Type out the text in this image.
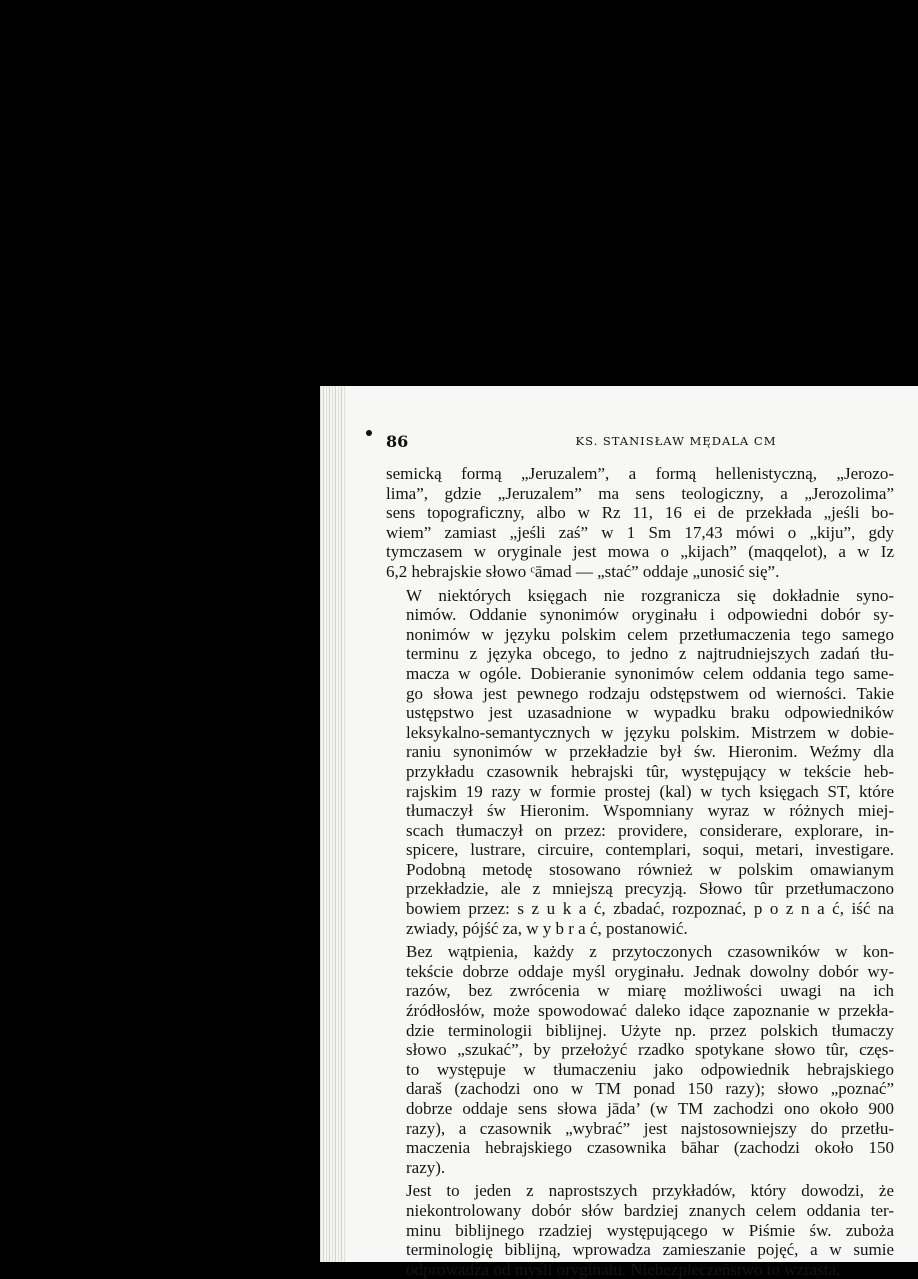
86	KS. STANISŁAW MĘDALA CM

semicką formą „Jeruzalem”, a formą hellenistyczną, „Jerozo-
lima”, gdzie „Jeruzalem” ma sens teologiczny, a „Jerozolima”
sens topograficzny, albo w Rz 11, 16 ei de przekłada „jeśli bo-
wiem” zamiast „jeśli zaś” w 1 Sm 17,43 mówi o „kiju”, gdy
tymczasem w oryginale jest mowa o „kijach” (maqqelot), a w Iz
6,2 hebrajskie słowo ᶜāmad — „stać” oddaje „unosić się”.

W niektórych księgach nie rozgranicza się dokładnie syno-
nimów. Oddanie synonimów oryginału i odpowiedni dobór sy-
nonimów w języku polskim celem przetłumaczenia tego samego
terminu z języka obcego, to jedno z najtrudniejszych zadań tłu-
macza w ogóle. Dobieranie synonimów celem oddania tego same-
go słowa jest pewnego rodzaju odstępstwem od wierności. Takie
ustępstwo jest uzasadnione w wypadku braku odpowiedników
leksykalno-semantycznych w języku polskim. Mistrzem w dobie-
raniu synonimów w przekładzie był św. Hieronim. Weźmy dla
przykładu czasownik hebrajski tûr, występujący w tekście heb-
rajskim 19 razy w formie prostej (kal) w tych księgach ST, które
tłumaczył św Hieronim. Wspomniany wyraz w różnych miej-
scach tłumaczył on przez: providere, considerare, explorare, in-
spicere, lustrare, circuire, contemplari, soqui, metari, investigare.
Podobną metodę stosowano również w polskim omawianym
przekładzie, ale z mniejszą precyzją. Słowo tûr przetłumaczono
bowiem przez: s z u k a ć, zbadać, rozpoznać, p o z n a ć, iść na
zwiady, pójść za, w y b r a ć, postanowić.

Bez wątpienia, każdy z przytoczonych czasowników w kon-
tekście dobrze oddaje myśl oryginału. Jednak dowolny dobór wy-
razów, bez zwrócenia w miarę możliwości uwagi na ich
źródłosłów, może spowodować daleko idące zapoznanie w przekła-
dzie terminologii biblijnej. Użyte np. przez polskich tłumaczy
słowo „szukać”, by przełożyć rzadko spotykane słowo tûr, częs-
to występuje w tłumaczeniu jako odpowiednik hebrajskiego
daraš (zachodzi ono w TM ponad 150 razy); słowo „poznać”
dobrze oddaje sens słowa jāda’ (w TM zachodzi ono około 900
razy), a czasownik „wybrać” jest najstosowniejszy do przetłu-
maczenia hebrajskiego czasownika bāhar (zachodzi około 150
razy).

Jest to jeden z naprostszych przykładów, który dowodzi, że
niekontrolowany dobór słów bardziej znanych celem oddania ter-
minu biblijnego rzadziej występującego w Piśmie św. zuboża
terminologię biblijną, wprowadza zamieszanie pojęć, a w sumie
odprowadza od myśli oryginału. Niebezpieczeństwo to wzrasta,
